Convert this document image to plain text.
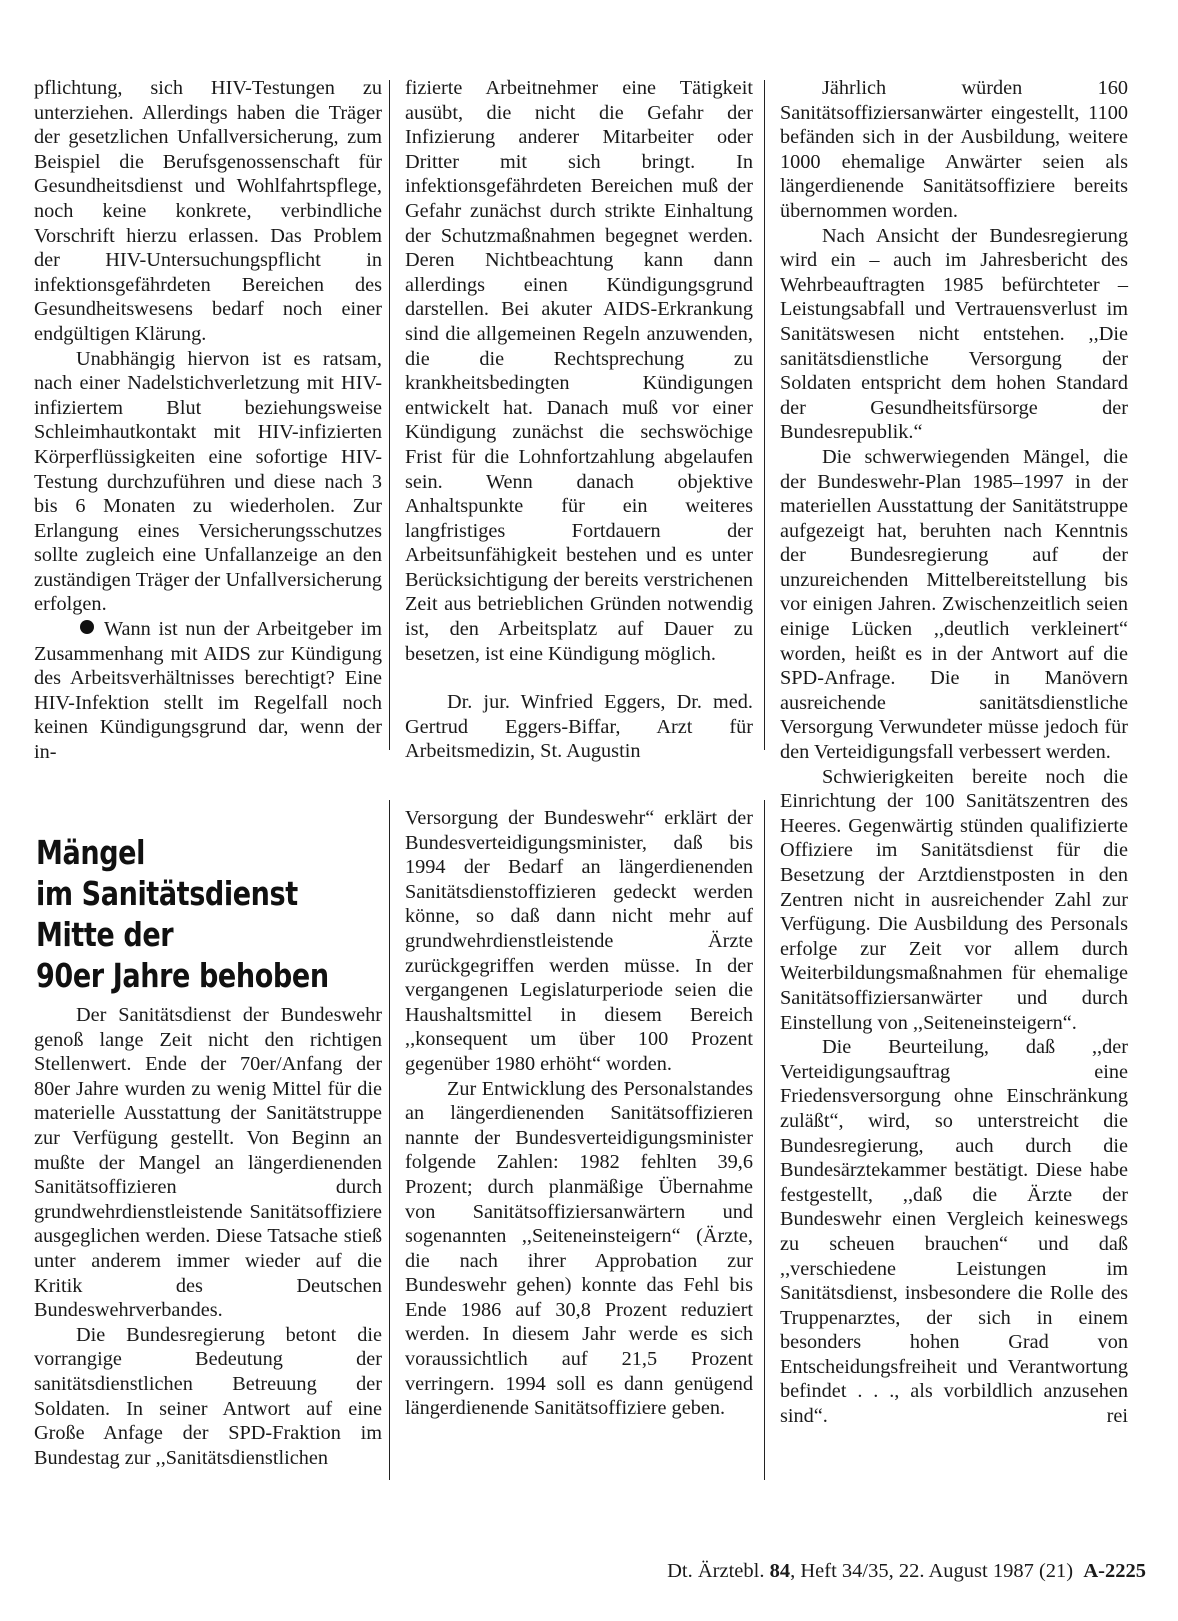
pflichtung, sich HIV-Testungen zu unterziehen. Allerdings haben die Träger der gesetzlichen Unfallversicherung, zum Beispiel die Berufsgenossenschaft für Gesundheitsdienst und Wohlfahrtspflege, noch keine konkrete, verbindliche Vorschrift hierzu erlassen. Das Problem der HIV-Untersuchungspflicht in infektionsgefährdeten Bereichen des Gesundheitswesens bedarf noch einer endgültigen Klärung.

Unabhängig hiervon ist es ratsam, nach einer Nadelstichverletzung mit HIV-infiziertem Blut beziehungsweise Schleimhautkontakt mit HIV-infizierten Körperflüssigkeiten eine sofortige HIV-Testung durchzuführen und diese nach 3 bis 6 Monaten zu wiederholen. Zur Erlangung eines Versicherungsschutzes sollte zugleich eine Unfallanzeige an den zuständigen Träger der Unfallversicherung erfolgen.

Wann ist nun der Arbeitgeber im Zusammenhang mit AIDS zur Kündigung des Arbeitsverhältnisses berechtigt? Eine HIV-Infektion stellt im Regelfall noch keinen Kündigungsgrund dar, wenn der in-

fizierte Arbeitnehmer eine Tätigkeit ausübt, die nicht die Gefahr der Infizierung anderer Mitarbeiter oder Dritter mit sich bringt. In infektionsgefährdeten Bereichen muß der Gefahr zunächst durch strikte Einhaltung der Schutzmaßnahmen begegnet werden. Deren Nichtbeachtung kann dann allerdings einen Kündigungsgrund darstellen. Bei akuter AIDS-Erkrankung sind die allgemeinen Regeln anzuwenden, die die Rechtsprechung zu krankheitsbedingten Kündigungen entwickelt hat. Danach muß vor einer Kündigung zunächst die sechswöchige Frist für die Lohnfortzahlung abgelaufen sein. Wenn danach objektive Anhaltspunkte für ein weiteres langfristiges Fortdauern der Arbeitsunfähigkeit bestehen und es unter Berücksichtigung der bereits verstrichenen Zeit aus betrieblichen Gründen notwendig ist, den Arbeitsplatz auf Dauer zu besetzen, ist eine Kündigung möglich.

Dr. jur. Winfried Eggers, Dr. med. Gertrud Eggers-Biffar, Arzt für Arbeitsmedizin, St. Augustin

Mängel
im Sanitätsdienst
Mitte der
90er Jahre behoben

Der Sanitätsdienst der Bundeswehr genoß lange Zeit nicht den richtigen Stellenwert. Ende der 70er/Anfang der 80er Jahre wurden zu wenig Mittel für die materielle Ausstattung der Sanitätstruppe zur Verfügung gestellt. Von Beginn an mußte der Mangel an längerdienenden Sanitätsoffizieren durch grundwehrdienstleistende Sanitätsoffiziere ausgeglichen werden. Diese Tatsache stieß unter anderem immer wieder auf die Kritik des Deutschen Bundeswehrverbandes.

Die Bundesregierung betont die vorrangige Bedeutung der sanitätsdienstlichen Betreuung der Soldaten. In seiner Antwort auf eine Große Anfage der SPD-Fraktion im Bundestag zur ,,Sanitätsdienstlichen

Versorgung der Bundeswehr“ erklärt der Bundesverteidigungsminister, daß bis 1994 der Bedarf an längerdienenden Sanitätsdienstoffizieren gedeckt werden könne, so daß dann nicht mehr auf grundwehrdienstleistende Ärzte zurückgegriffen werden müsse. In der vergangenen Legislaturperiode seien die Haushaltsmittel in diesem Bereich ,,konsequent um über 100 Prozent gegenüber 1980 erhöht“ worden.

Zur Entwicklung des Personalstandes an längerdienenden Sanitätsoffizieren nannte der Bundesverteidigungsminister folgende Zahlen: 1982 fehlten 39,6 Prozent; durch planmäßige Übernahme von Sanitätsoffiziersanwärtern und sogenannten ,,Seiteneinsteigern“ (Ärzte, die nach ihrer Approbation zur Bundeswehr gehen) konnte das Fehl bis Ende 1986 auf 30,8 Prozent reduziert werden. In diesem Jahr werde es sich voraussichtlich auf 21,5 Prozent verringern. 1994 soll es dann genügend längerdienende Sanitätsoffiziere geben.

Jährlich würden 160 Sanitätsoffiziersanwärter eingestellt, 1100 befänden sich in der Ausbildung, weitere 1000 ehemalige Anwärter seien als längerdienende Sanitätsoffiziere bereits übernommen worden.

Nach Ansicht der Bundesregierung wird ein – auch im Jahresbericht des Wehrbeauftragten 1985 befürchteter – Leistungsabfall und Vertrauensverlust im Sanitätswesen nicht entstehen. ,,Die sanitätsdienstliche Versorgung der Soldaten entspricht dem hohen Standard der Gesundheitsfürsorge der Bundesrepublik.“

Die schwerwiegenden Mängel, die der Bundeswehr-Plan 1985–1997 in der materiellen Ausstattung der Sanitätstruppe aufgezeigt hat, beruhten nach Kenntnis der Bundesregierung auf der unzureichenden Mittelbereitstellung bis vor einigen Jahren. Zwischenzeitlich seien einige Lücken ,,deutlich verkleinert“ worden, heißt es in der Antwort auf die SPD-Anfrage. Die in Manövern ausreichende sanitätsdienstliche Versorgung Verwundeter müsse jedoch für den Verteidigungsfall verbessert werden.

Schwierigkeiten bereite noch die Einrichtung der 100 Sanitätszentren des Heeres. Gegenwärtig stünden qualifizierte Offiziere im Sanitätsdienst für die Besetzung der Arztdienstposten in den Zentren nicht in ausreichender Zahl zur Verfügung. Die Ausbildung des Personals erfolge zur Zeit vor allem durch Weiterbildungsmaßnahmen für ehemalige Sanitätsoffiziersanwärter und durch Einstellung von ,,Seiteneinsteigern“.

Die Beurteilung, daß ,,der Verteidigungsauftrag eine Friedensversorgung ohne Einschränkung zuläßt“, wird, so unterstreicht die Bundesregierung, auch durch die Bundesärztekammer bestätigt. Diese habe festgestellt, ,,daß die Ärzte der Bundeswehr einen Vergleich keineswegs zu scheuen brauchen“ und daß ,,verschiedene Leistungen im Sanitätsdienst, insbesondere die Rolle des Truppenarztes, der sich in einem besonders hohen Grad von Entscheidungsfreiheit und Verantwortung befindet . . ., als vorbildlich anzusehen sind“.	rei

Dt. Ärztebl. 84, Heft 34/35, 22. August 1987 (21) A-2225
